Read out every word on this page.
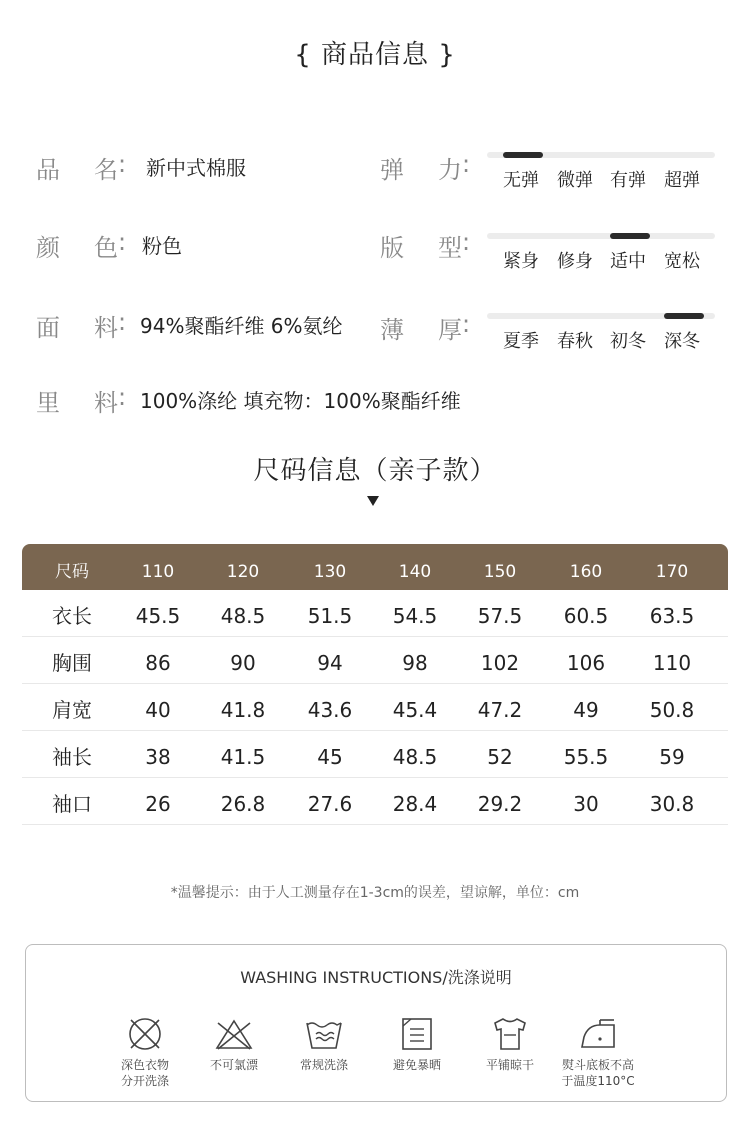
{ 商品信息 }
品 名 : 新中式棉服
颜 色 : 粉色
面 料 : 94%聚酯纤维 6%氨纶
里 料 : 100%涤纶 填充物：100%聚酯纤维
弹 力 :
无弹	微弹 有弹	超弹
版 型 :
紧身	修身 适中	宽松
薄 厚 :
夏季	春秋 初冬	深冬
尺码信息（亲子款）
尺码	110	120	130	140	150	160	170
衣长	45.5	48.5	51.5	54.5	57.5	60.5	63.5
胸围	86	90	94	98	102	106	110
肩宽	40	41.8	43.6	45.4	47.2	49	50.8
袖长	38	41.5	45	48.5	52	55.5	59
袖口	26	26.8	27.6	28.4	29.2	30	30.8
*温馨提示：由于人工测量存在1-3cm的误差，望谅解，单位：cm
WASHING INSTRUCTIONS/洗涤说明
深色衣物
分开洗涤
不可氯漂	常规洗涤	避免暴晒	平铺晾干	熨斗底板不高
于温度110°C
